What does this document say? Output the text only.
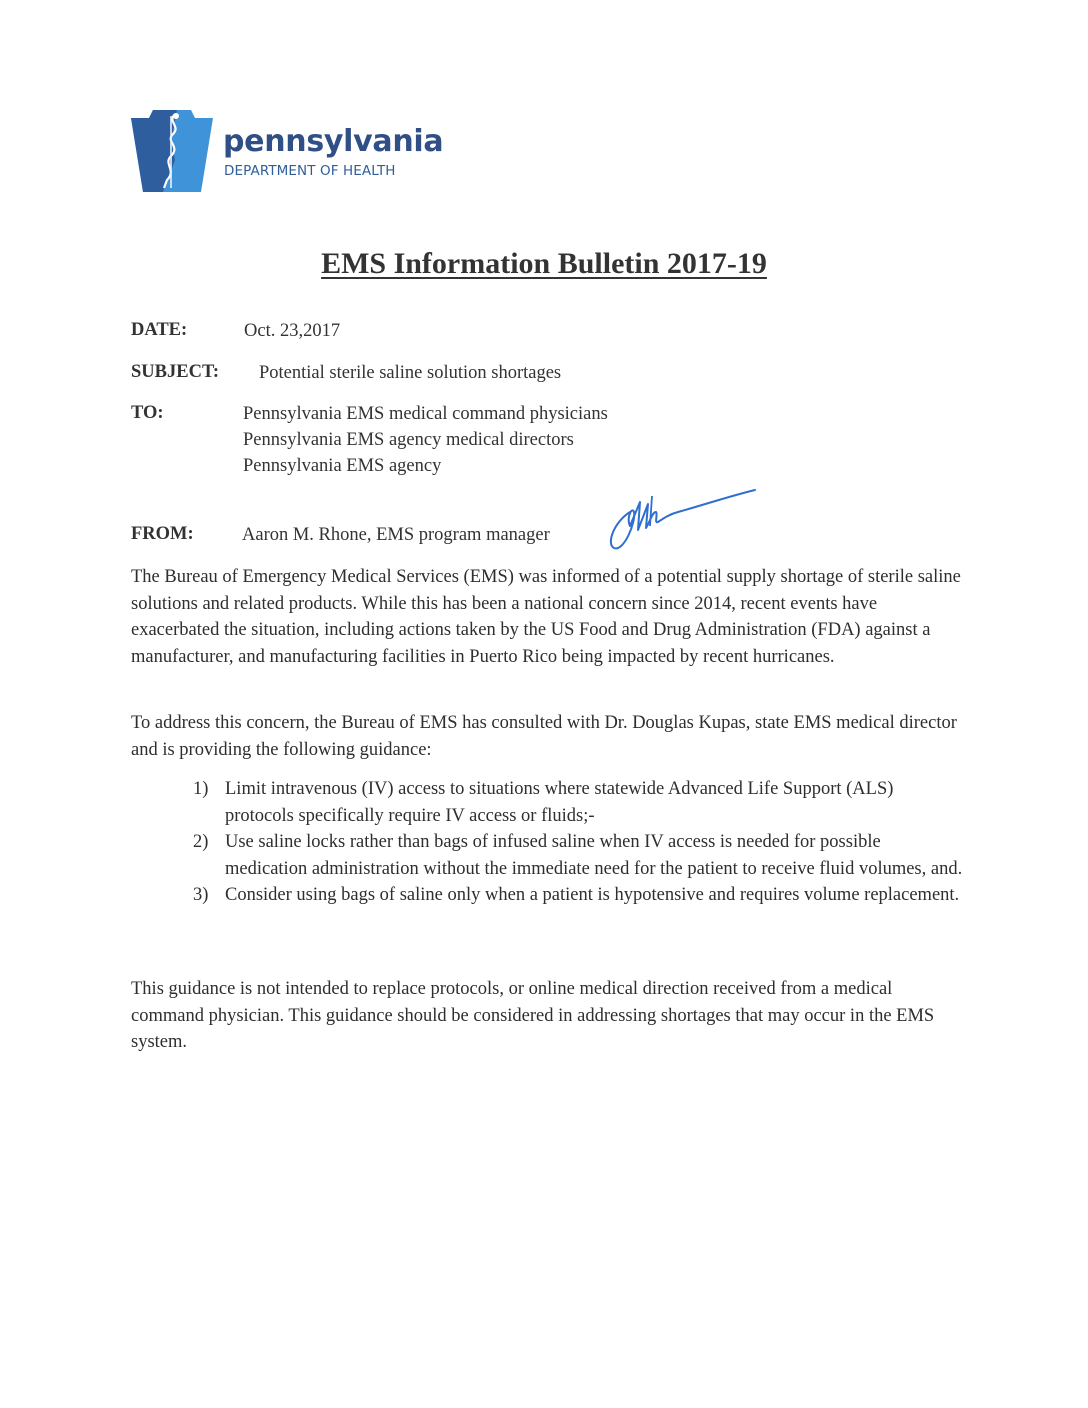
pennsylvania
DEPARTMENT OF HEALTH
EMS Information Bulletin 2017-19
DATE:	Oct. 23,2017
SUBJECT: Potential sterile saline solution shortages
TO:	Pennsylvania EMS medical command physicians
Pennsylvania EMS agency medical directors
Pennsylvania EMS agency
FROM:	Aaron M. Rhone, EMS program manager
The Bureau of Emergency Medical Services (EMS) was informed of a potential supply shortage of sterile saline solutions and related products. While this has been a national concern since 2014, recent events have exacerbated the situation, including actions taken by the US Food and Drug Administration (FDA) against a manufacturer, and manufacturing facilities in Puerto Rico being impacted by recent hurricanes.
To address this concern, the Bureau of EMS has consulted with Dr. Douglas Kupas, state EMS medical director and is providing the following guidance:
1) Limit intravenous (IV) access to situations where statewide Advanced Life Support (ALS) protocols specifically require IV access or fluids;-
2) Use saline locks rather than bags of infused saline when IV access is needed for possible medication administration without the immediate need for the patient to receive fluid volumes, and.
3) Consider using bags of saline only when a patient is hypotensive and requires volume replacement.
This guidance is not intended to replace protocols, or online medical direction received from a medical command physician. This guidance should be considered in addressing shortages that may occur in the EMS system.
